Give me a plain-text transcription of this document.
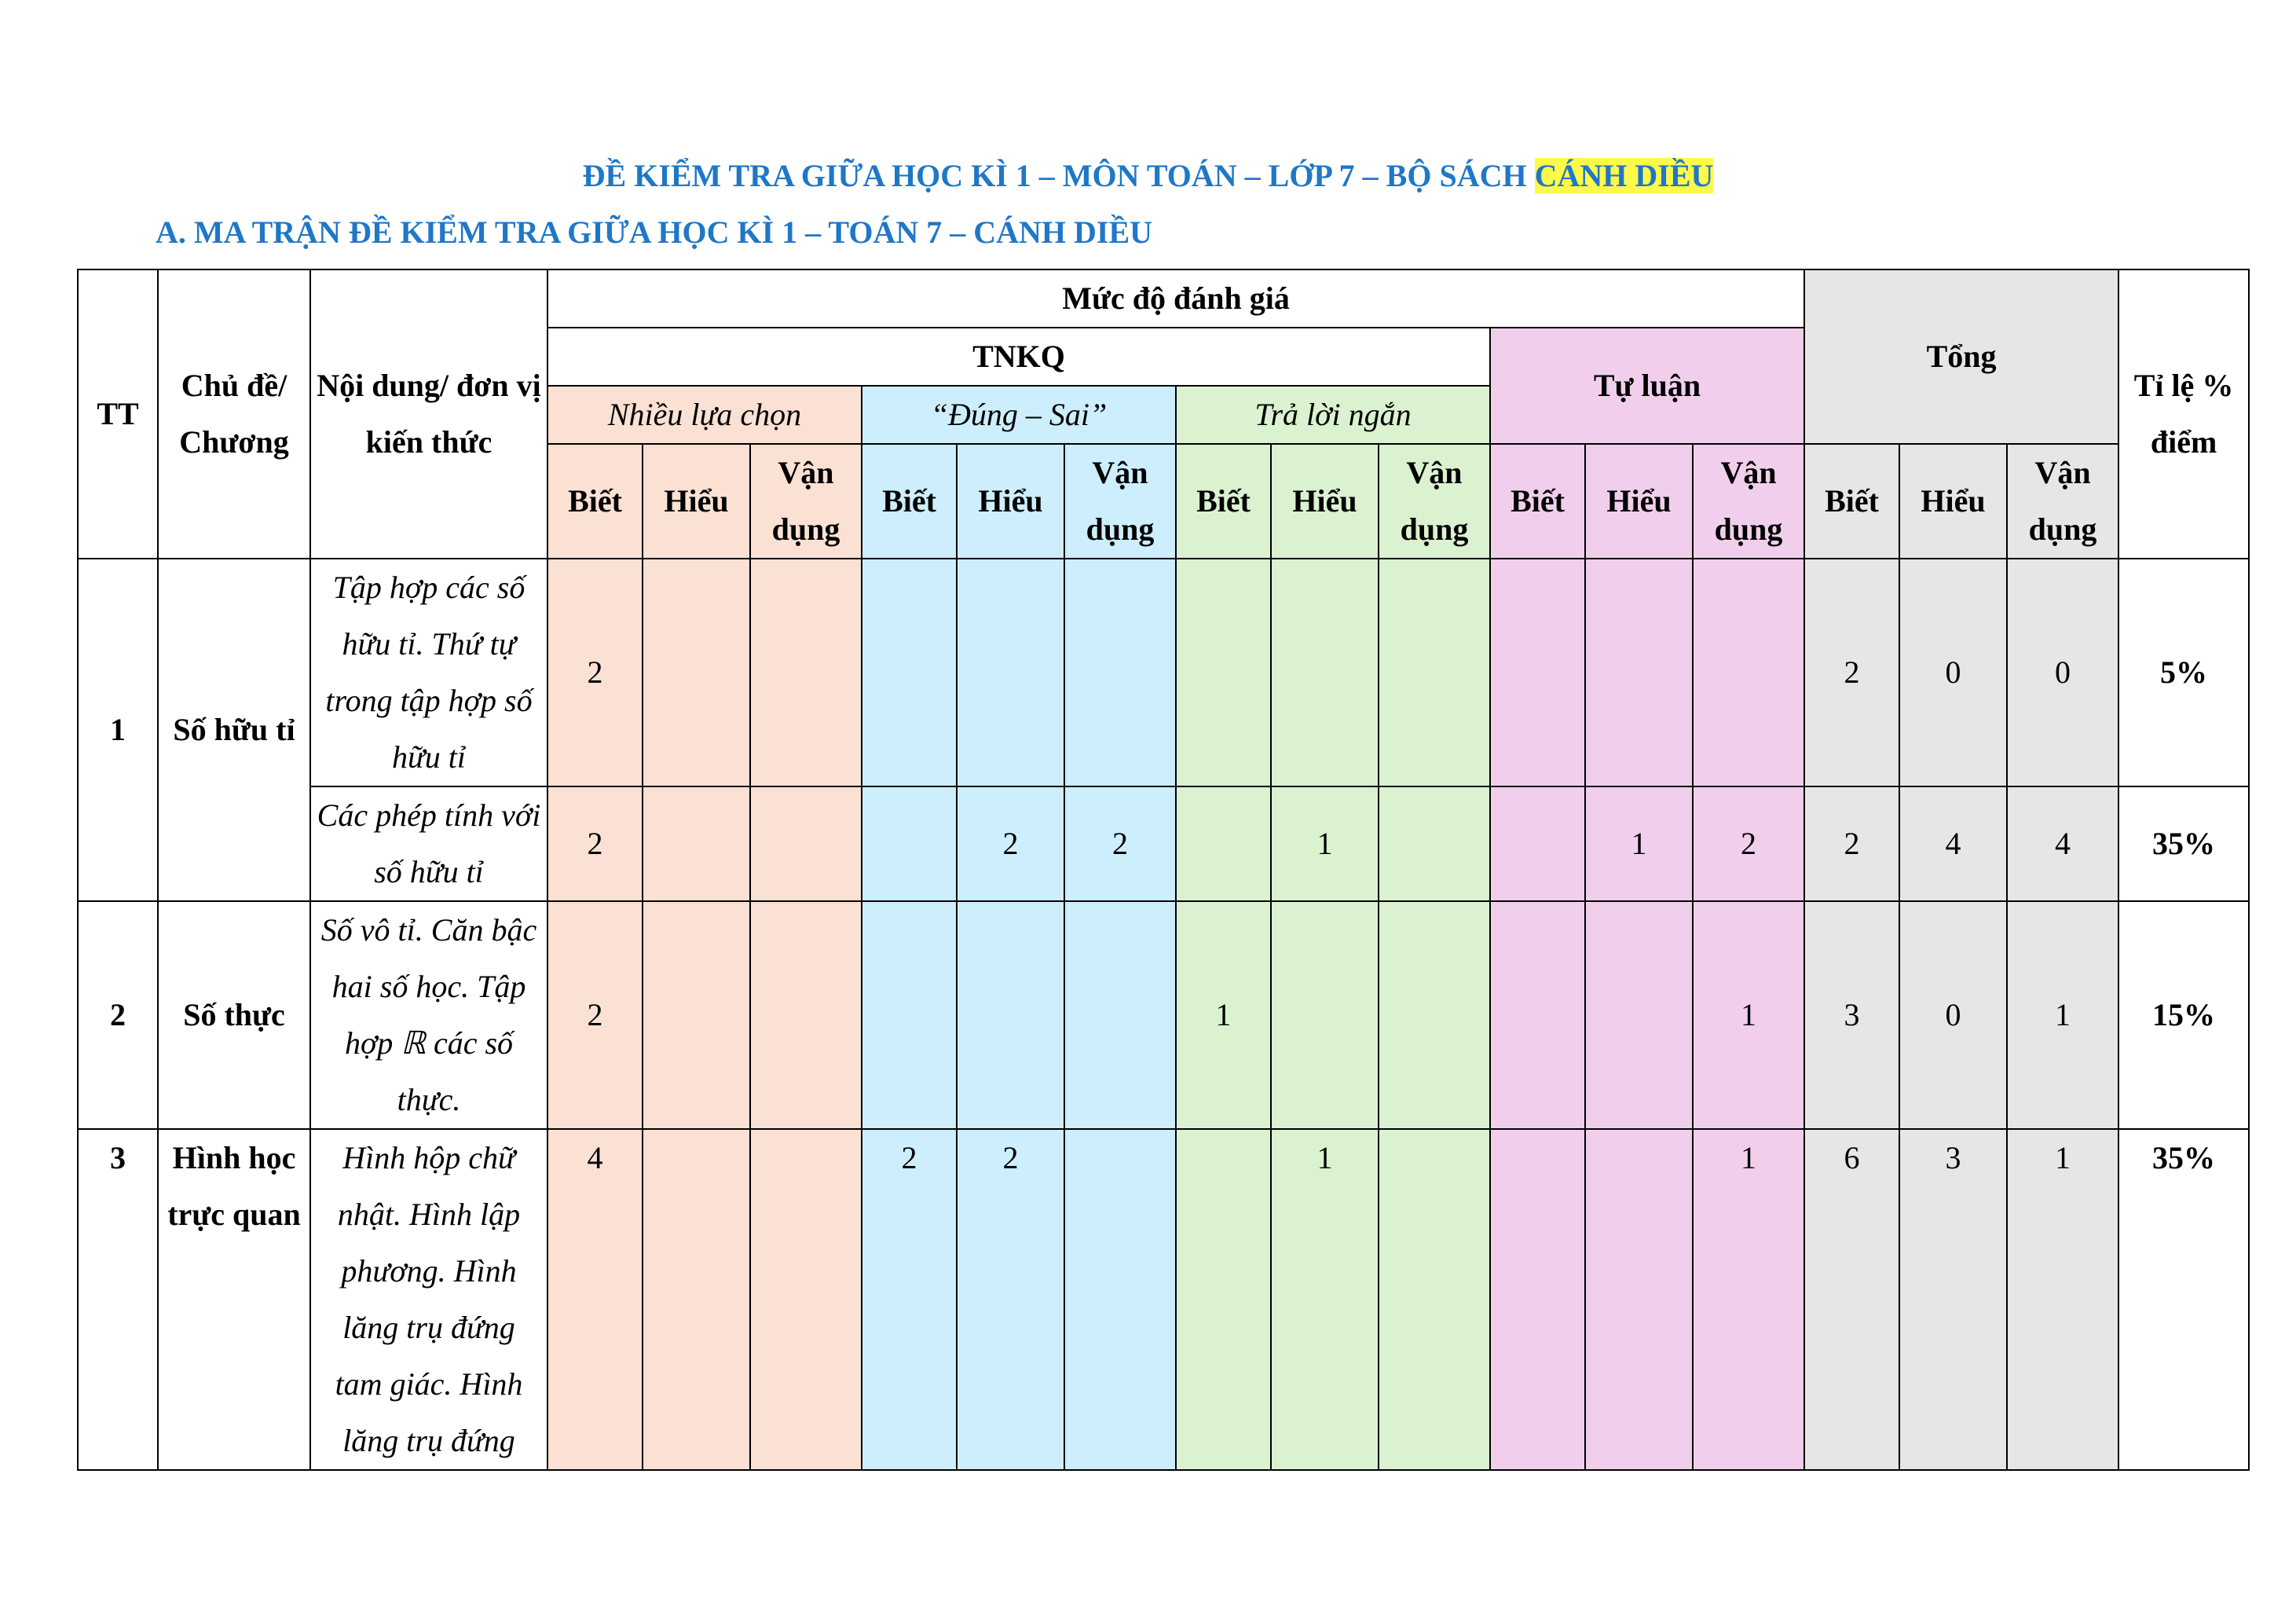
ĐỀ KIỂM TRA GIỮA HỌC KÌ 1 – MÔN TOÁN – LỚP 7 – BỘ SÁCH CÁNH DIỀU
A. MA TRẬN ĐỀ KIỂM TRA GIỮA HỌC KÌ 1 – TOÁN 7 – CÁNH DIỀU
TT	Chủ đề/ Chương	Nội dung/ đơn vị kiến thức	Mức độ đánh giá												Tổng			Tỉ lệ % điểm
			TNKQ									Tự luận						
			Nhiều lựa chọn			“Đúng – Sai”			Trả lời ngắn									
			Biết	Hiểu	Vận dụng	Biết	Hiểu	Vận dụng	Biết	Hiểu	Vận dụng	Biết	Hiểu	Vận dụng	Biết	Hiểu	Vận dụng	
1	Số hữu tỉ	Tập hợp các số hữu tỉ. Thứ tự trong tập hợp số hữu tỉ	2												2	0	0	5%
		Các phép tính với số hữu tỉ	2				2	2		1			1	2	2	4	4	35%
2	Số thực	Số vô tỉ. Căn bậc hai số học. Tập hợp ℝ các số thực.	2						1					1	3	0	1	15%
3	Hình học trực quan	Hình hộp chữ nhật. Hình lập phương. Hình lăng trụ đứng tam giác. Hình lăng trụ đứng	4			2	2			1				1	6	3	1	35%
